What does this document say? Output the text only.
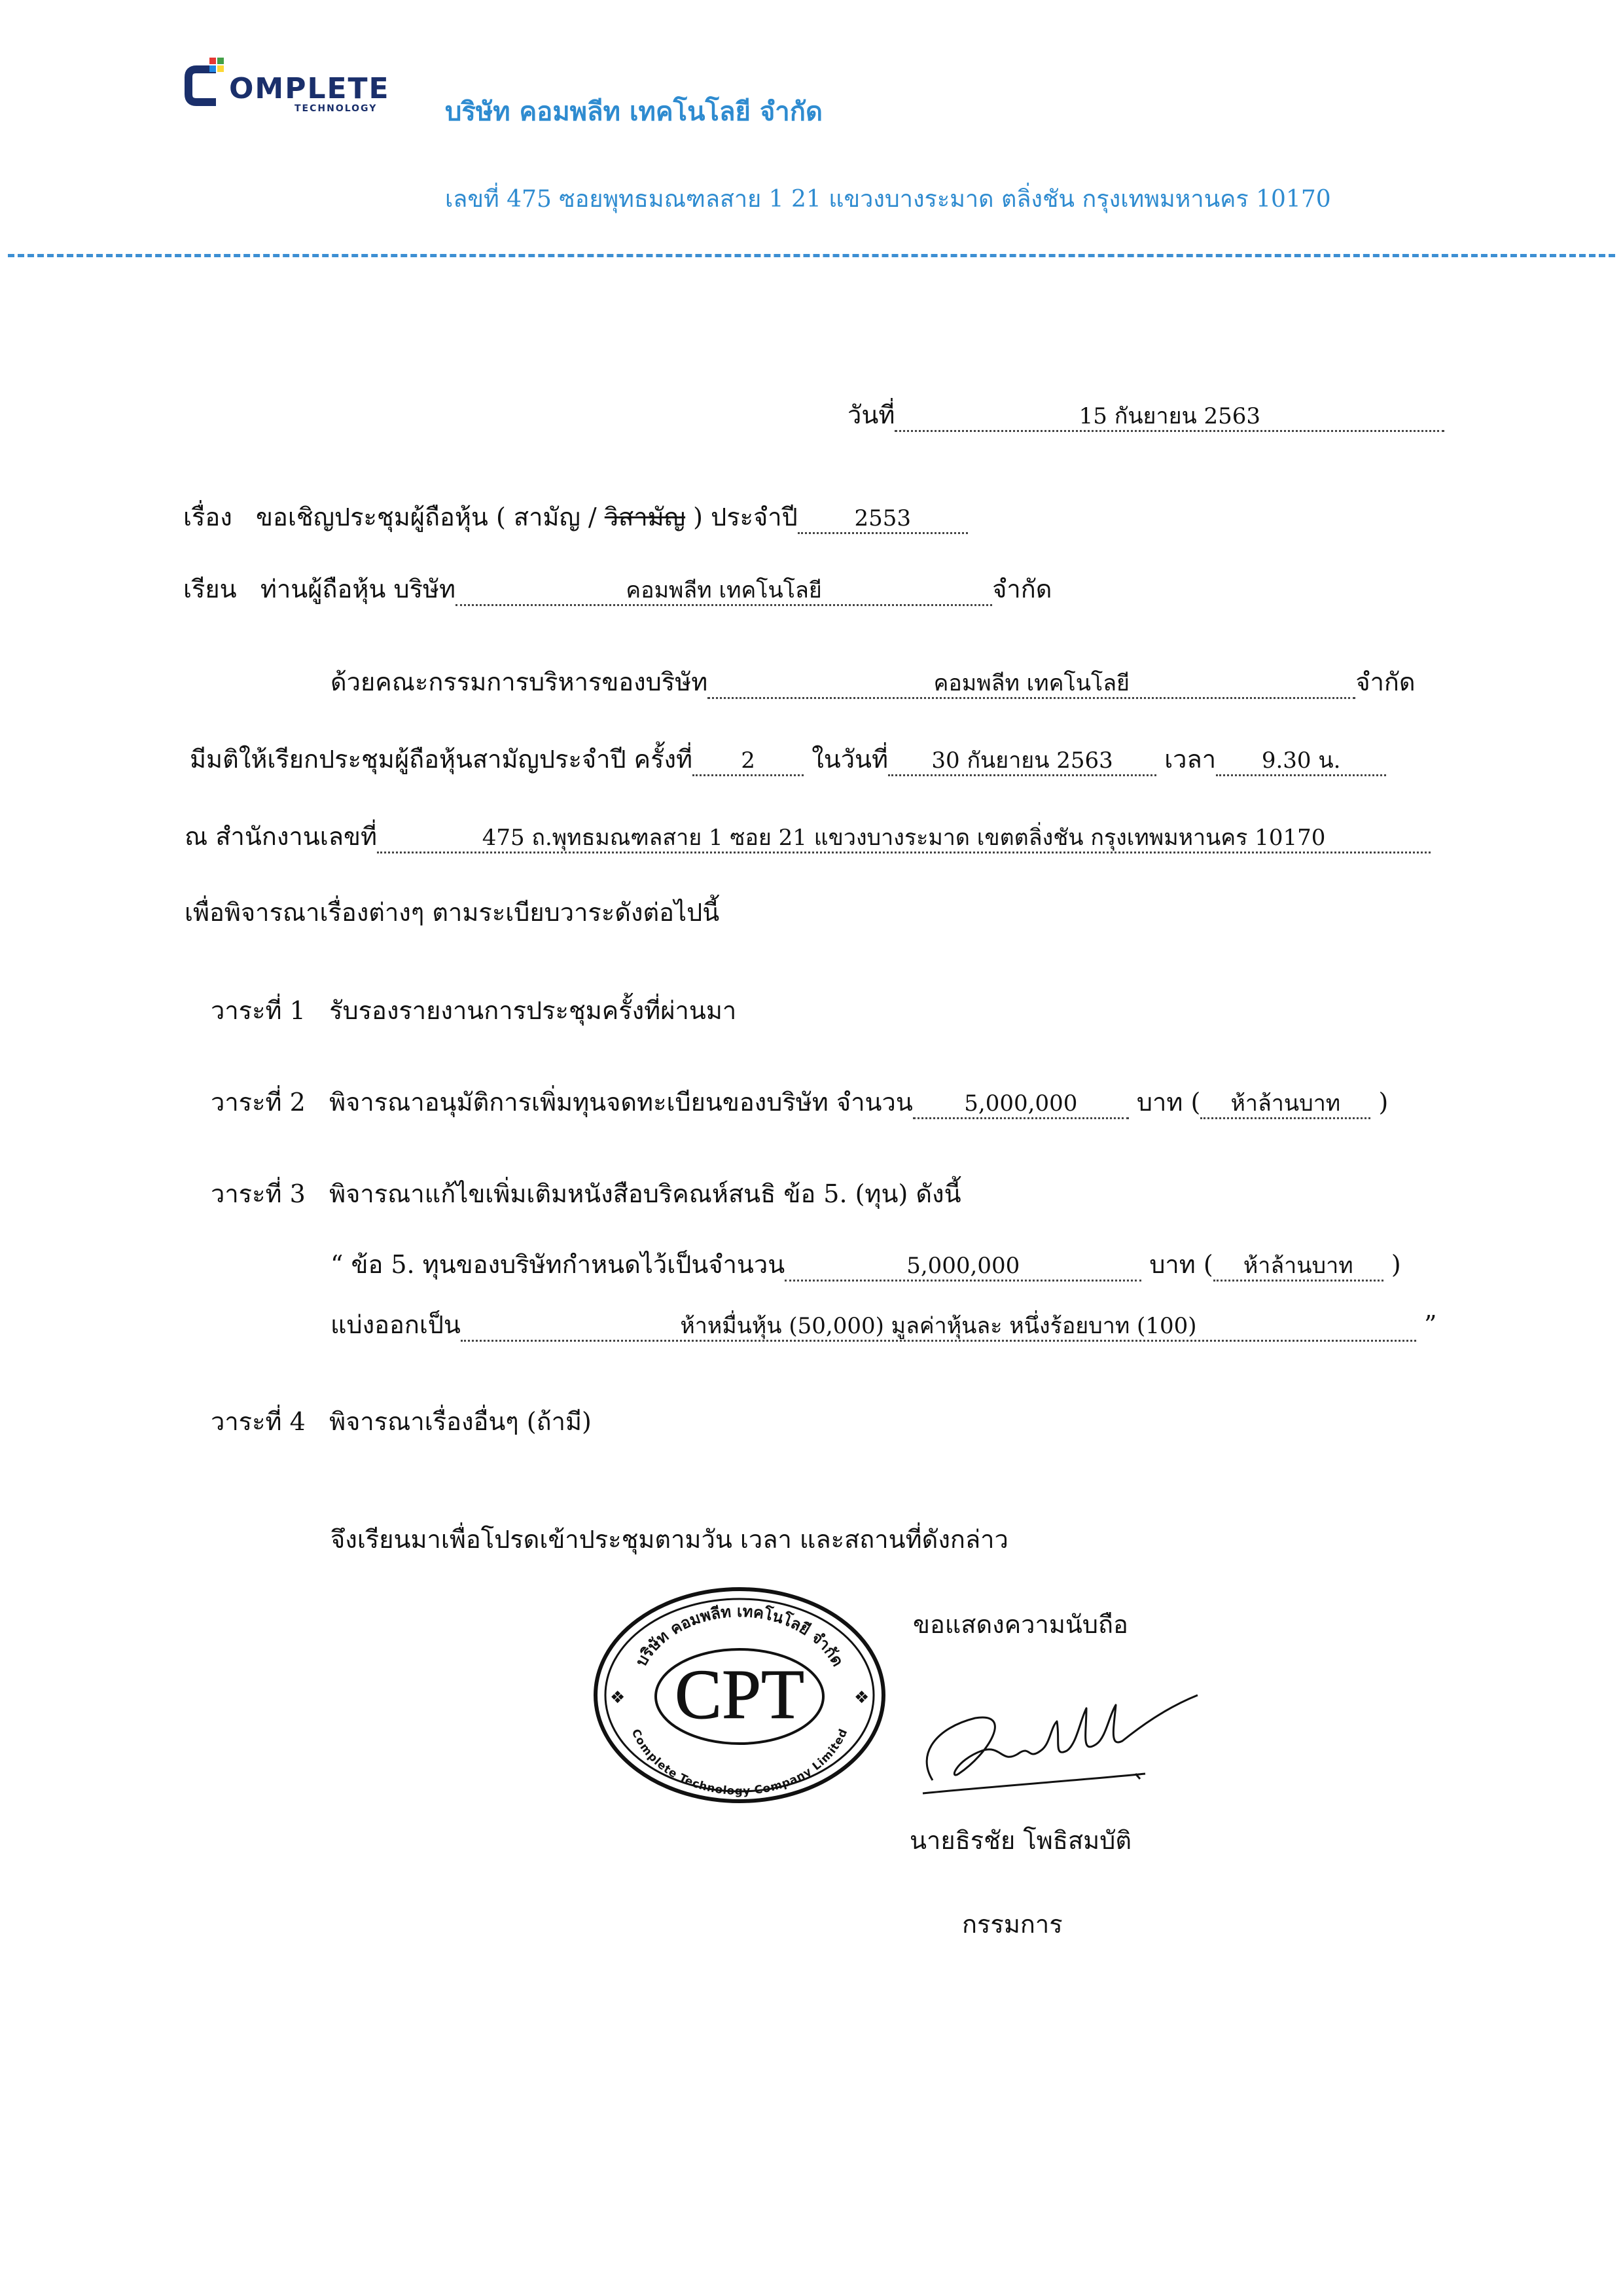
OMPLETE
TECHNOLOGY	บริษัท คอมพลีท เทคโนโลยี จำกัด
เลขที่ 475 ซอยพุทธมณฑลสาย 1 21 แขวงบางระมาด ตลิ่งชัน กรุงเทพมหานคร 10170
วันที่	15 กันยายน 2563
เรื่อง ขอเชิญประชุมผู้ถือหุ้น ( สามัญ / วิสามัญ ) ประจำปี	2553
เรียน ท่านผู้ถือหุ้น บริษัท	คอมพลีท เทคโนโลยี	จำกัด
ด้วยคณะกรรมการบริหารของบริษัท	คอมพลีท เทคโนโลยี	จำกัด
มีมติให้เรียกประชุมผู้ถือหุ้นสามัญประจำปี ครั้งที่ 2 ในวันที่ 30 กันยายน 2563 เวลา 9.30 น.
ณ สำนักงานเลขที่	475 ถ.พุทธมณฑลสาย 1 ซอย 21 แขวงบางระมาด เขตตลิ่งชัน กรุงเทพมหานคร 10170
เพื่อพิจารณาเรื่องต่างๆ ตามระเบียบวาระดังต่อไปนี้
วาระที่ 1 รับรองรายงานการประชุมครั้งที่ผ่านมา
วาระที่ 2 พิจารณาอนุมัติการเพิ่มทุนจดทะเบียนของบริษัท จำนวน 5,000,000 บาท ( ห้าล้านบาท )
วาระที่ 3 พิจารณาแก้ไขเพิ่มเติมหนังสือบริคณห์สนธิ ข้อ 5. (ทุน) ดังนี้
“ ข้อ 5. ทุนของบริษัทกำหนดไว้เป็นจำนวน	5,000,000	บาท ( ห้าล้านบาท )
แบ่งออกเป็น	ห้าหมื่นหุ้น (50,000) มูลค่าหุ้นละ หนึ่งร้อยบาท (100)	”
วาระที่ 4 พิจารณาเรื่องอื่นๆ (ถ้ามี)
จึงเรียนมาเพื่อโปรดเข้าประชุมตามวัน เวลา และสถานที่ดังกล่าว
ขอแสดงความนับถือ
บริษัท คอมพลีท เทคโนโลยี จำกัด
CPT
Complete Technology Company Limited
❖	❖
นายธิรชัย โพธิสมบัติ
กรรมการ
